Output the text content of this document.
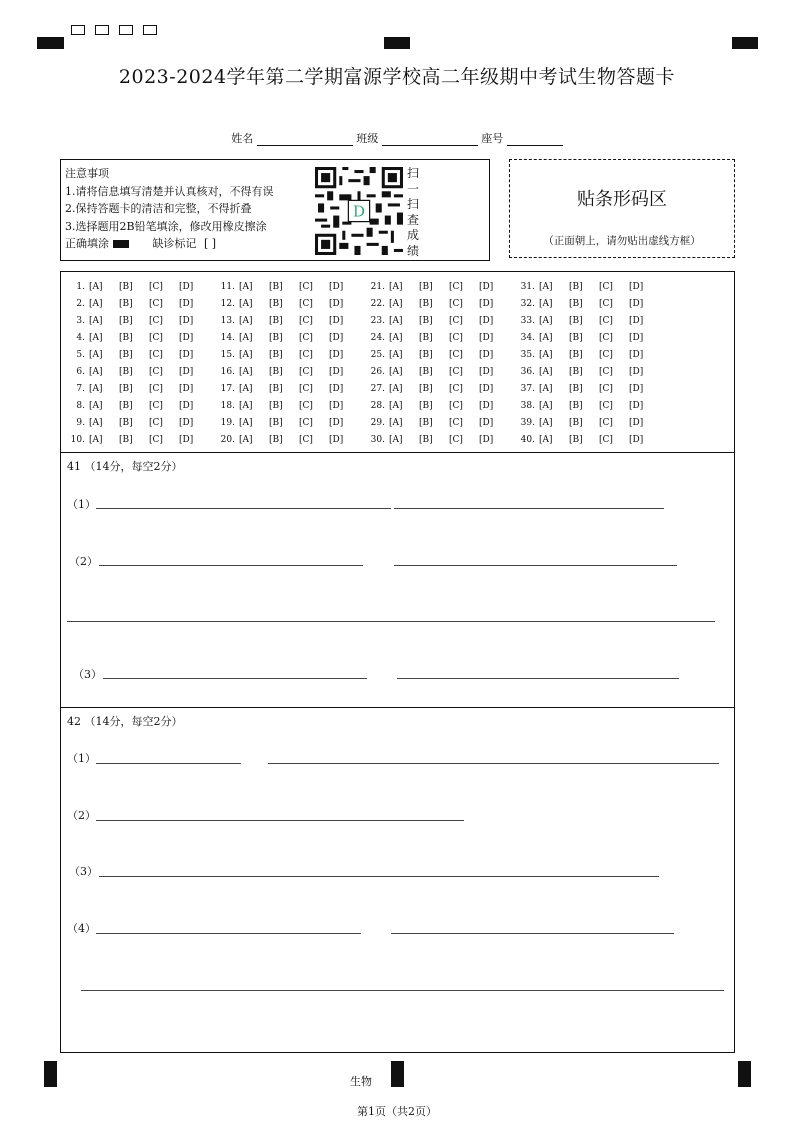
2023-2024学年第二学期富源学校高二年级期中考试生物答题卡
姓名	班级	座号
注意事项
1.请将信息填写清楚并认真核对，不得有误
2.保持答题卡的清洁和完整，不得折叠
3.选择题用2B铅笔填涂，修改用橡皮擦涂
正确填涂	缺诊标记 [ ]
D
扫
一
扫
查
成
绩
贴条形码区
（正面朝上，请勿贴出虚线方框）
1. [A] [B] [C] [D]
2. [A] [B] [C] [D]
3. [A] [B] [C] [D]
4. [A] [B] [C] [D]
5. [A] [B] [C] [D]
6. [A] [B] [C] [D]
7. [A] [B] [C] [D]
8. [A] [B] [C] [D]
9. [A] [B] [C] [D]
10. [A] [B] [C] [D]
11. [A] [B] [C] [D]
12. [A] [B] [C] [D]
13. [A] [B] [C] [D]
14. [A] [B] [C] [D]
15. [A] [B] [C] [D]
16. [A] [B] [C] [D]
17. [A] [B] [C] [D]
18. [A] [B] [C] [D]
19. [A] [B] [C] [D]
20. [A] [B] [C] [D]
21. [A] [B] [C] [D]
22. [A] [B] [C] [D]
23. [A] [B] [C] [D]
24. [A] [B] [C] [D]
25. [A] [B] [C] [D]
26. [A] [B] [C] [D]
27. [A] [B] [C] [D]
28. [A] [B] [C] [D]
29. [A] [B] [C] [D]
30. [A] [B] [C] [D]
31. [A] [B] [C] [D]
32. [A] [B] [C] [D]
33. [A] [B] [C] [D]
34. [A] [B] [C] [D]
35. [A] [B] [C] [D]
36. [A] [B] [C] [D]
37. [A] [B] [C] [D]
38. [A] [B] [C] [D]
39. [A] [B] [C] [D]
40. [A] [B] [C] [D]
41 （14分，每空2分）
（1）
（2）
（3）
42 （14分，每空2分）
（1）
（2）
（3）
（4）
生物
第1页（共2页）
